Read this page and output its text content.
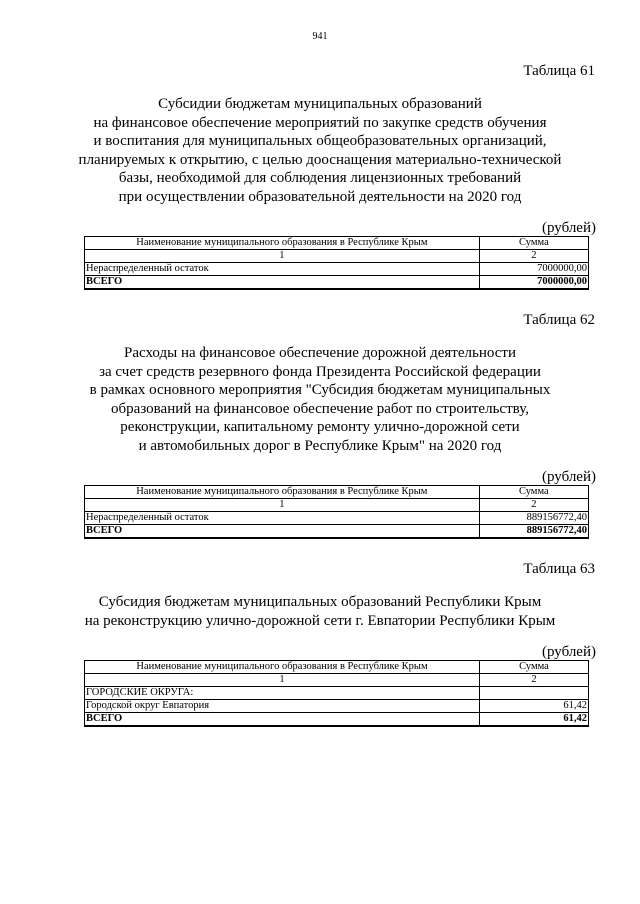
941
Таблица 61
Субсидии бюджетам муниципальных образований
на финансовое обеспечение мероприятий по закупке средств обучения
и воспитания для муниципальных общеобразовательных организаций,
планируемых к открытию, с целью дооснащения материально-технической
базы, необходимой для соблюдения лицензионных требований
при осуществлении образовательной деятельности на 2020 год
(рублей)
Наименование муниципального образования в Республике Крым	Сумма
1	2
Нераспределенный остаток	7000000,00
ВСЕГО	7000000,00
Таблица 62
Расходы на финансовое обеспечение дорожной деятельности
за счет средств резервного фонда Президента Российской федерации
в рамках основного мероприятия "Субсидия бюджетам муниципальных
образований на финансовое обеспечение работ по строительству,
реконструкции, капитальному ремонту улично-дорожной сети
и автомобильных дорог в Республике Крым" на 2020 год
(рублей)
Наименование муниципального образования в Республике Крым	Сумма
1	2
Нераспределенный остаток	889156772,40
ВСЕГО	889156772,40
Таблица 63
Субсидия бюджетам муниципальных образований Республики Крым
на реконструкцию улично-дорожной сети г. Евпатории Республики Крым
(рублей)
Наименование муниципального образования в Республике Крым	Сумма
1	2
ГОРОДСКИЕ ОКРУГА:	
Городской округ Евпатория	61,42
ВСЕГО	61,42
